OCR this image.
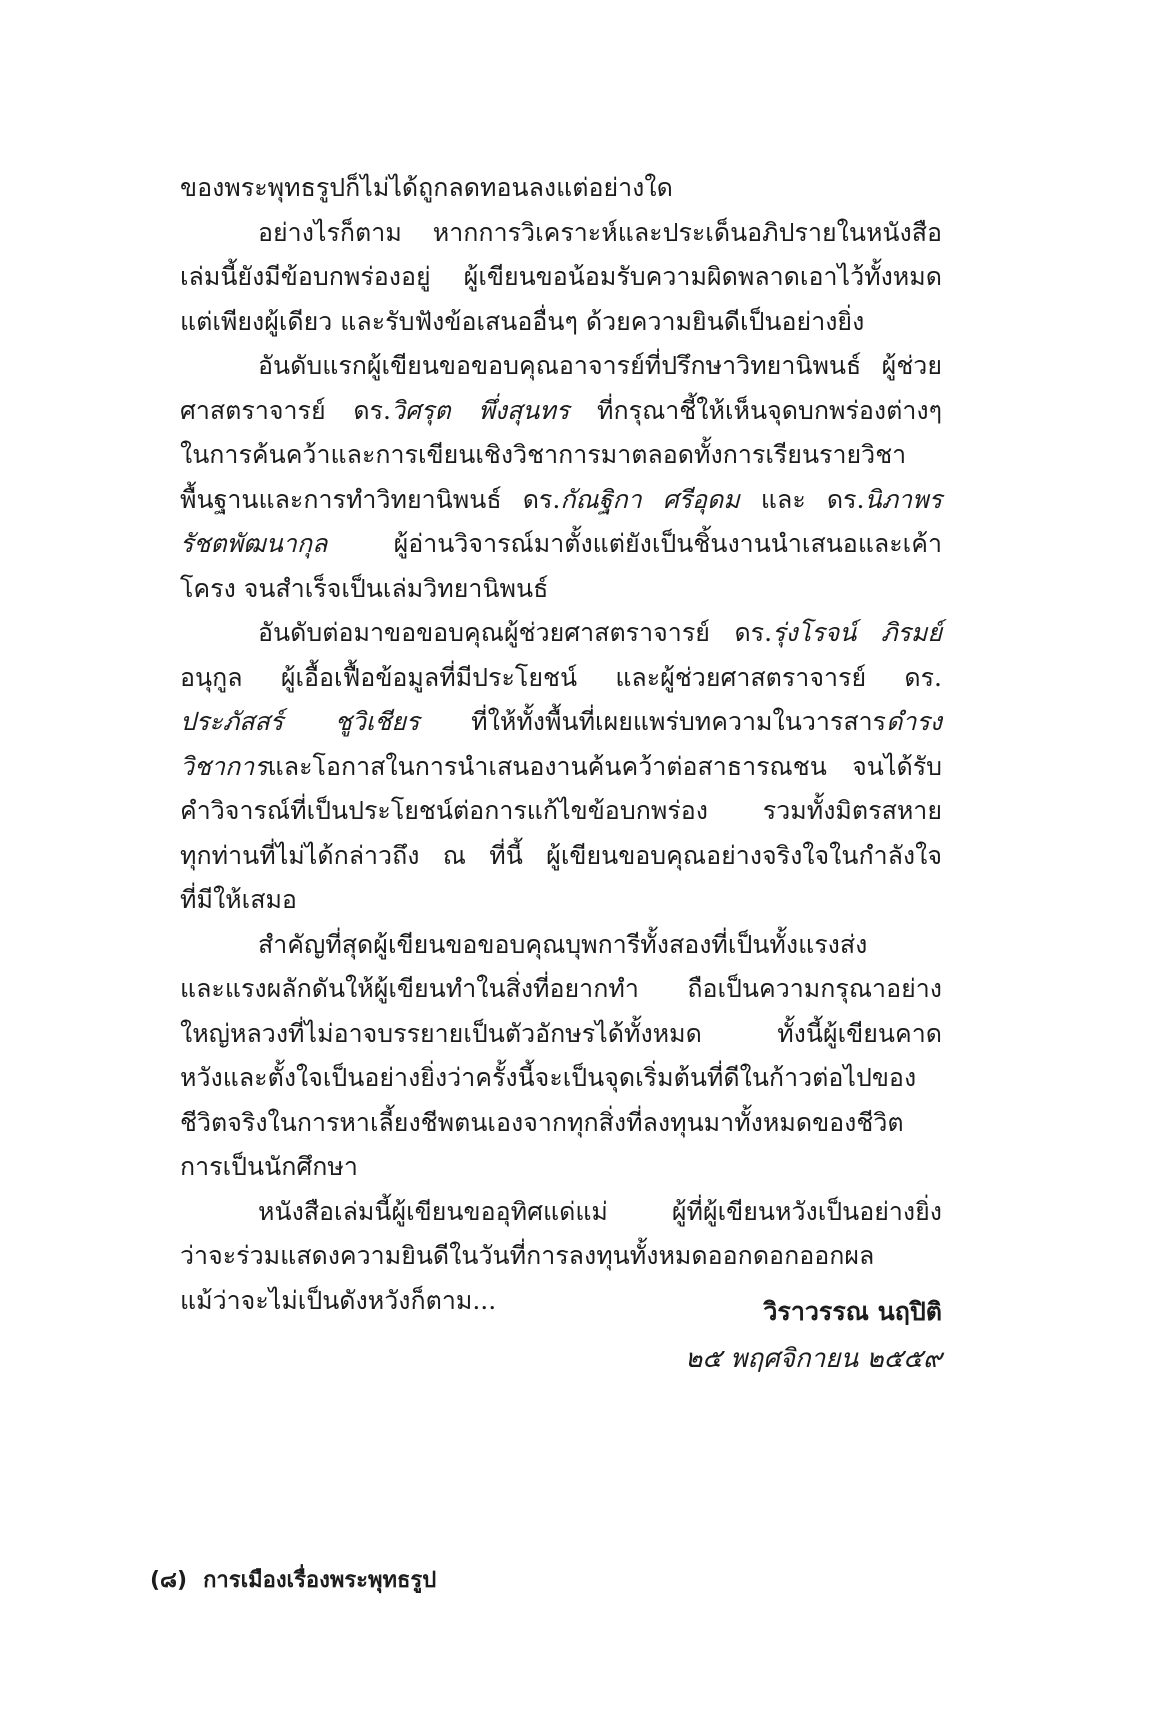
ของพระพุทธรูปก็ไม่ได้ถูกลดทอนลงแต่อย่างใด
อย่างไรก็ตาม หากการวิเคราะห์และประเด็นอภิปรายในหนังสือ
เล่มนี้ยังมีข้อบกพร่องอยู่ ผู้เขียนขอน้อมรับความผิดพลาดเอาไว้ทั้งหมด
แต่เพียงผู้เดียว และรับฟังข้อเสนออื่นๆ ด้วยความยินดีเป็นอย่างยิ่ง
อันดับแรกผู้เขียนขอขอบคุณอาจารย์ที่ปรึกษาวิทยานิพนธ์ ผู้ช่วย
ศาสตราจารย์ ดร.วิศรุต พึ่งสุนทร ที่กรุณาชี้ให้เห็นจุดบกพร่องต่างๆ
ในการค้นคว้าและการเขียนเชิงวิชาการมาตลอดทั้งการเรียนรายวิชา
พื้นฐานและการทำวิทยานิพนธ์ ดร.กัณฐิกา ศรีอุดม และ ดร.นิภาพร
รัชตพัฒนากุล ผู้อ่านวิจารณ์มาตั้งแต่ยังเป็นชิ้นงานนำเสนอและเค้า
โครง จนสำเร็จเป็นเล่มวิทยานิพนธ์
อันดับต่อมาขอขอบคุณผู้ช่วยศาสตราจารย์ ดร.รุ่งโรจน์ ภิรมย์
อนุกูล ผู้เอื้อเฟื้อข้อมูลที่มีประโยชน์ และผู้ช่วยศาสตราจารย์ ดร.
ประภัสสร์ ชูวิเชียร ที่ให้ทั้งพื้นที่เผยแพร่บทความในวารสารดำรง
วิชาการและโอกาสในการนำเสนองานค้นคว้าต่อสาธารณชน จนได้รับ
คำวิจารณ์ที่เป็นประโยชน์ต่อการแก้ไขข้อบกพร่อง รวมทั้งมิตรสหาย
ทุกท่านที่ไม่ได้กล่าวถึง ณ ที่นี้ ผู้เขียนขอบคุณอย่างจริงใจในกำลังใจ
ที่มีให้เสมอ
สำคัญที่สุดผู้เขียนขอขอบคุณบุพการีทั้งสองที่เป็นทั้งแรงส่ง
และแรงผลักดันให้ผู้เขียนทำในสิ่งที่อยากทำ ถือเป็นความกรุณาอย่าง
ใหญ่หลวงที่ไม่อาจบรรยายเป็นตัวอักษรได้ทั้งหมด ทั้งนี้ผู้เขียนคาด
หวังและตั้งใจเป็นอย่างยิ่งว่าครั้งนี้จะเป็นจุดเริ่มต้นที่ดีในก้าวต่อไปของ
ชีวิตจริงในการหาเลี้ยงชีพตนเองจากทุกสิ่งที่ลงทุนมาทั้งหมดของชีวิต
การเป็นนักศึกษา
หนังสือเล่มนี้ผู้เขียนขออุทิศแด่แม่ ผู้ที่ผู้เขียนหวังเป็นอย่างยิ่ง
ว่าจะร่วมแสดงความยินดีในวันที่การลงทุนทั้งหมดออกดอกออกผล
แม้ว่าจะไม่เป็นดังหวังก็ตาม...	วิราวรรณ นฤปิติ
๒๕ พฤศจิกายน ๒๕๕๙
(๘) การเมืองเรื่องพระพุทธรูป
